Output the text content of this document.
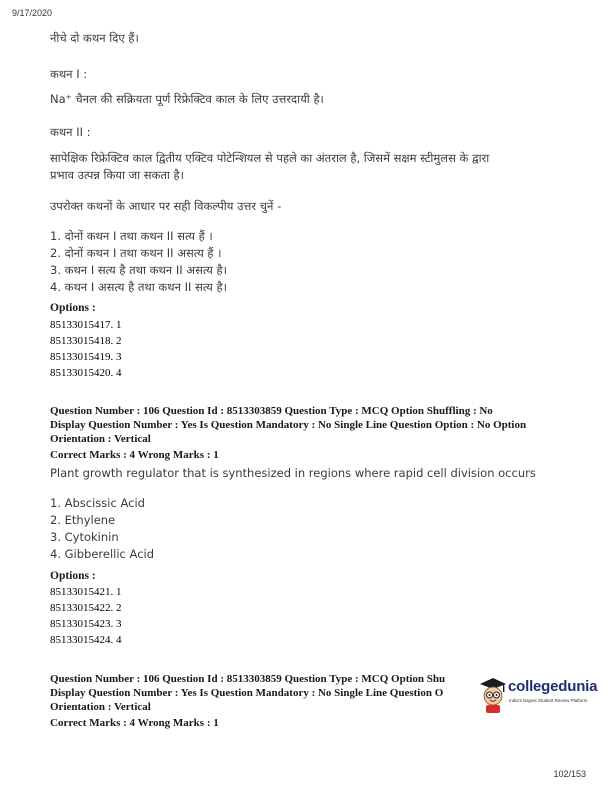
9/17/2020
नीचे दो कथन दिए हैं।
कथन I :
Na⁺ चैनल की सक्रियता पूर्ण रिफ्रेक्टिव काल के लिए उत्तरदायी है।
कथन II :
सापेक्षिक रिफ्रेक्टिव काल द्वितीय एक्टिव पोटेन्शियल से पहले का अंतराल है, जिसमें सक्षम स्टीमुलस के द्वारा
प्रभाव उत्पन्न किया जा सकता है।
उपरोक्त कथनों के आधार पर सही विकल्पीय उत्तर चुनें -
1. दोनों कथन I तथा कथन II सत्य हैं ।
2. दोनों कथन I तथा कथन II असत्य हैं ।
3. कथन I सत्य है तथा कथन II असत्य है।
4. कथन I असत्य है तथा कथन II सत्य है।
Options :
85133015417. 1
85133015418. 2
85133015419. 3
85133015420. 4
Question Number : 106 Question Id : 8513303859 Question Type : MCQ Option Shuffling : No
Display Question Number : Yes Is Question Mandatory : No Single Line Question Option : No Option
Orientation : Vertical
Correct Marks : 4 Wrong Marks : 1
Plant growth regulator that is synthesized in regions where rapid cell division occurs
1. Abscissic Acid
2. Ethylene
3. Cytokinin
4. Gibberellic Acid
Options :
85133015421. 1
85133015422. 2
85133015423. 3
85133015424. 4
Question Number : 106 Question Id : 8513303859 Question Type : MCQ Option Shu
Display Question Number : Yes Is Question Mandatory : No Single Line Question O
Orientation : Vertical
Correct Marks : 4 Wrong Marks : 1
collegedunia
India's largest Student Review Platform
102/153
